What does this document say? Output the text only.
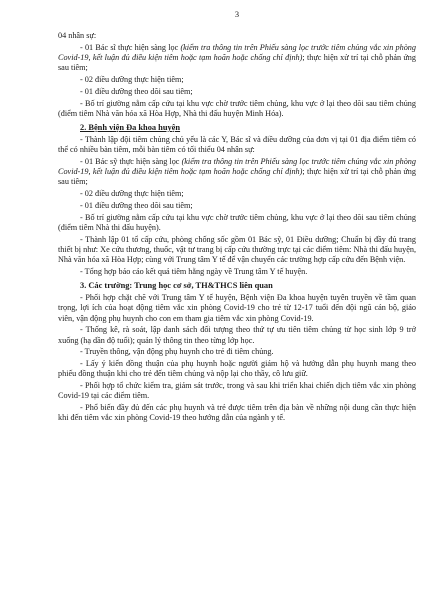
3

04 nhân sự:

- 01 Bác sĩ thực hiện sàng lọc (kiểm tra thông tin trên Phiếu sàng lọc trước tiêm chủng vắc xin phòng Covid-19, kết luận đủ điều kiện tiêm hoặc tạm hoãn hoặc chống chỉ định); thực hiện xử trí tại chỗ phản ứng sau tiêm;

- 02 điều dưỡng thực hiện tiêm;

- 01 điều dưỡng theo dõi sau tiêm;

- Bố trí giường nằm cấp cứu tại khu vực chờ trước tiêm chủng, khu vực ở lại theo dõi sau tiêm chủng (điểm tiêm Nhà văn hóa xã Hòa Hợp, Nhà thi đấu huyện Minh Hóa).

2. Bệnh viện Đa khoa huyện

- Thành lập đội tiêm chủng chủ yếu là các Y, Bác sĩ và điều dưỡng của đơn vị tại 01 địa điểm tiêm có thể có nhiều bàn tiêm, mỗi bàn tiêm có tối thiểu 04 nhân sự:

- 01 Bác sỹ thực hiện sàng lọc (kiểm tra thông tin trên Phiếu sàng lọc trước tiêm chủng vắc xin phòng Covid-19, kết luận đủ điều kiện tiêm hoặc tạm hoãn hoặc chống chỉ định); thực hiện xử trí tại chỗ phản ứng sau tiêm;

- 02 điều dưỡng thực hiện tiêm;

- 01 điều dưỡng theo dõi sau tiêm;

- Bố trí giường nằm cấp cứu tại khu vực chờ trước tiêm chủng, khu vực ở lại theo dõi sau tiêm chủng (điểm tiêm Nhà thi đấu huyện).

- Thành lập 01 tổ cấp cứu, phòng chống sốc gồm 01 Bác sỹ, 01 Điều dưỡng; Chuẩn bị đầy đủ trang thiết bị như: Xe cứu thương, thuốc, vật tư trang bị cấp cứu thường trực tại các điểm tiêm: Nhà thi đấu huyện, Nhà văn hóa xã Hòa Hợp; cùng với Trung tâm Y tế để vận chuyển các trường hợp cấp cứu đến Bệnh viện.

- Tổng hợp báo cáo kết quả tiêm hằng ngày về Trung tâm Y tế huyện.

3. Các trường: Trung học cơ sở, TH&THCS liên quan

- Phối hợp chặt chẽ với Trung tâm Y tế huyện, Bệnh viện Đa khoa huyện tuyên truyền về tầm quan trọng, lợi ích của hoạt động tiêm vắc xin phòng Covid-19 cho trẻ từ 12-17 tuổi đến đội ngũ cán bộ, giáo viên, vận động phụ huynh cho con em tham gia tiêm vắc xin phòng Covid-19.

- Thống kê, rà soát, lập danh sách đối tượng theo thứ tự ưu tiên tiêm chủng từ học sinh lớp 9 trở xuống (hạ dần độ tuổi); quản lý thông tin theo từng lớp học.

- Truyền thông, vận động phụ huynh cho trẻ đi tiêm chủng.

- Lấy ý kiến đồng thuận của phụ huynh hoặc người giám hộ và hướng dẫn phụ huynh mang theo phiếu đồng thuận khi cho trẻ đến tiêm chủng và nộp lại cho thầy, cô lưu giữ.

- Phối hợp tổ chức kiểm tra, giám sát trước, trong và sau khi triển khai chiến dịch tiêm vắc xin phòng Covid-19 tại các điểm tiêm.

- Phổ biến đầy đủ đến các phụ huynh và trẻ được tiêm trên địa bàn về những nội dung cần thực hiện khi đến tiêm vắc xin phòng Covid-19 theo hướng dẫn của ngành y tế.
